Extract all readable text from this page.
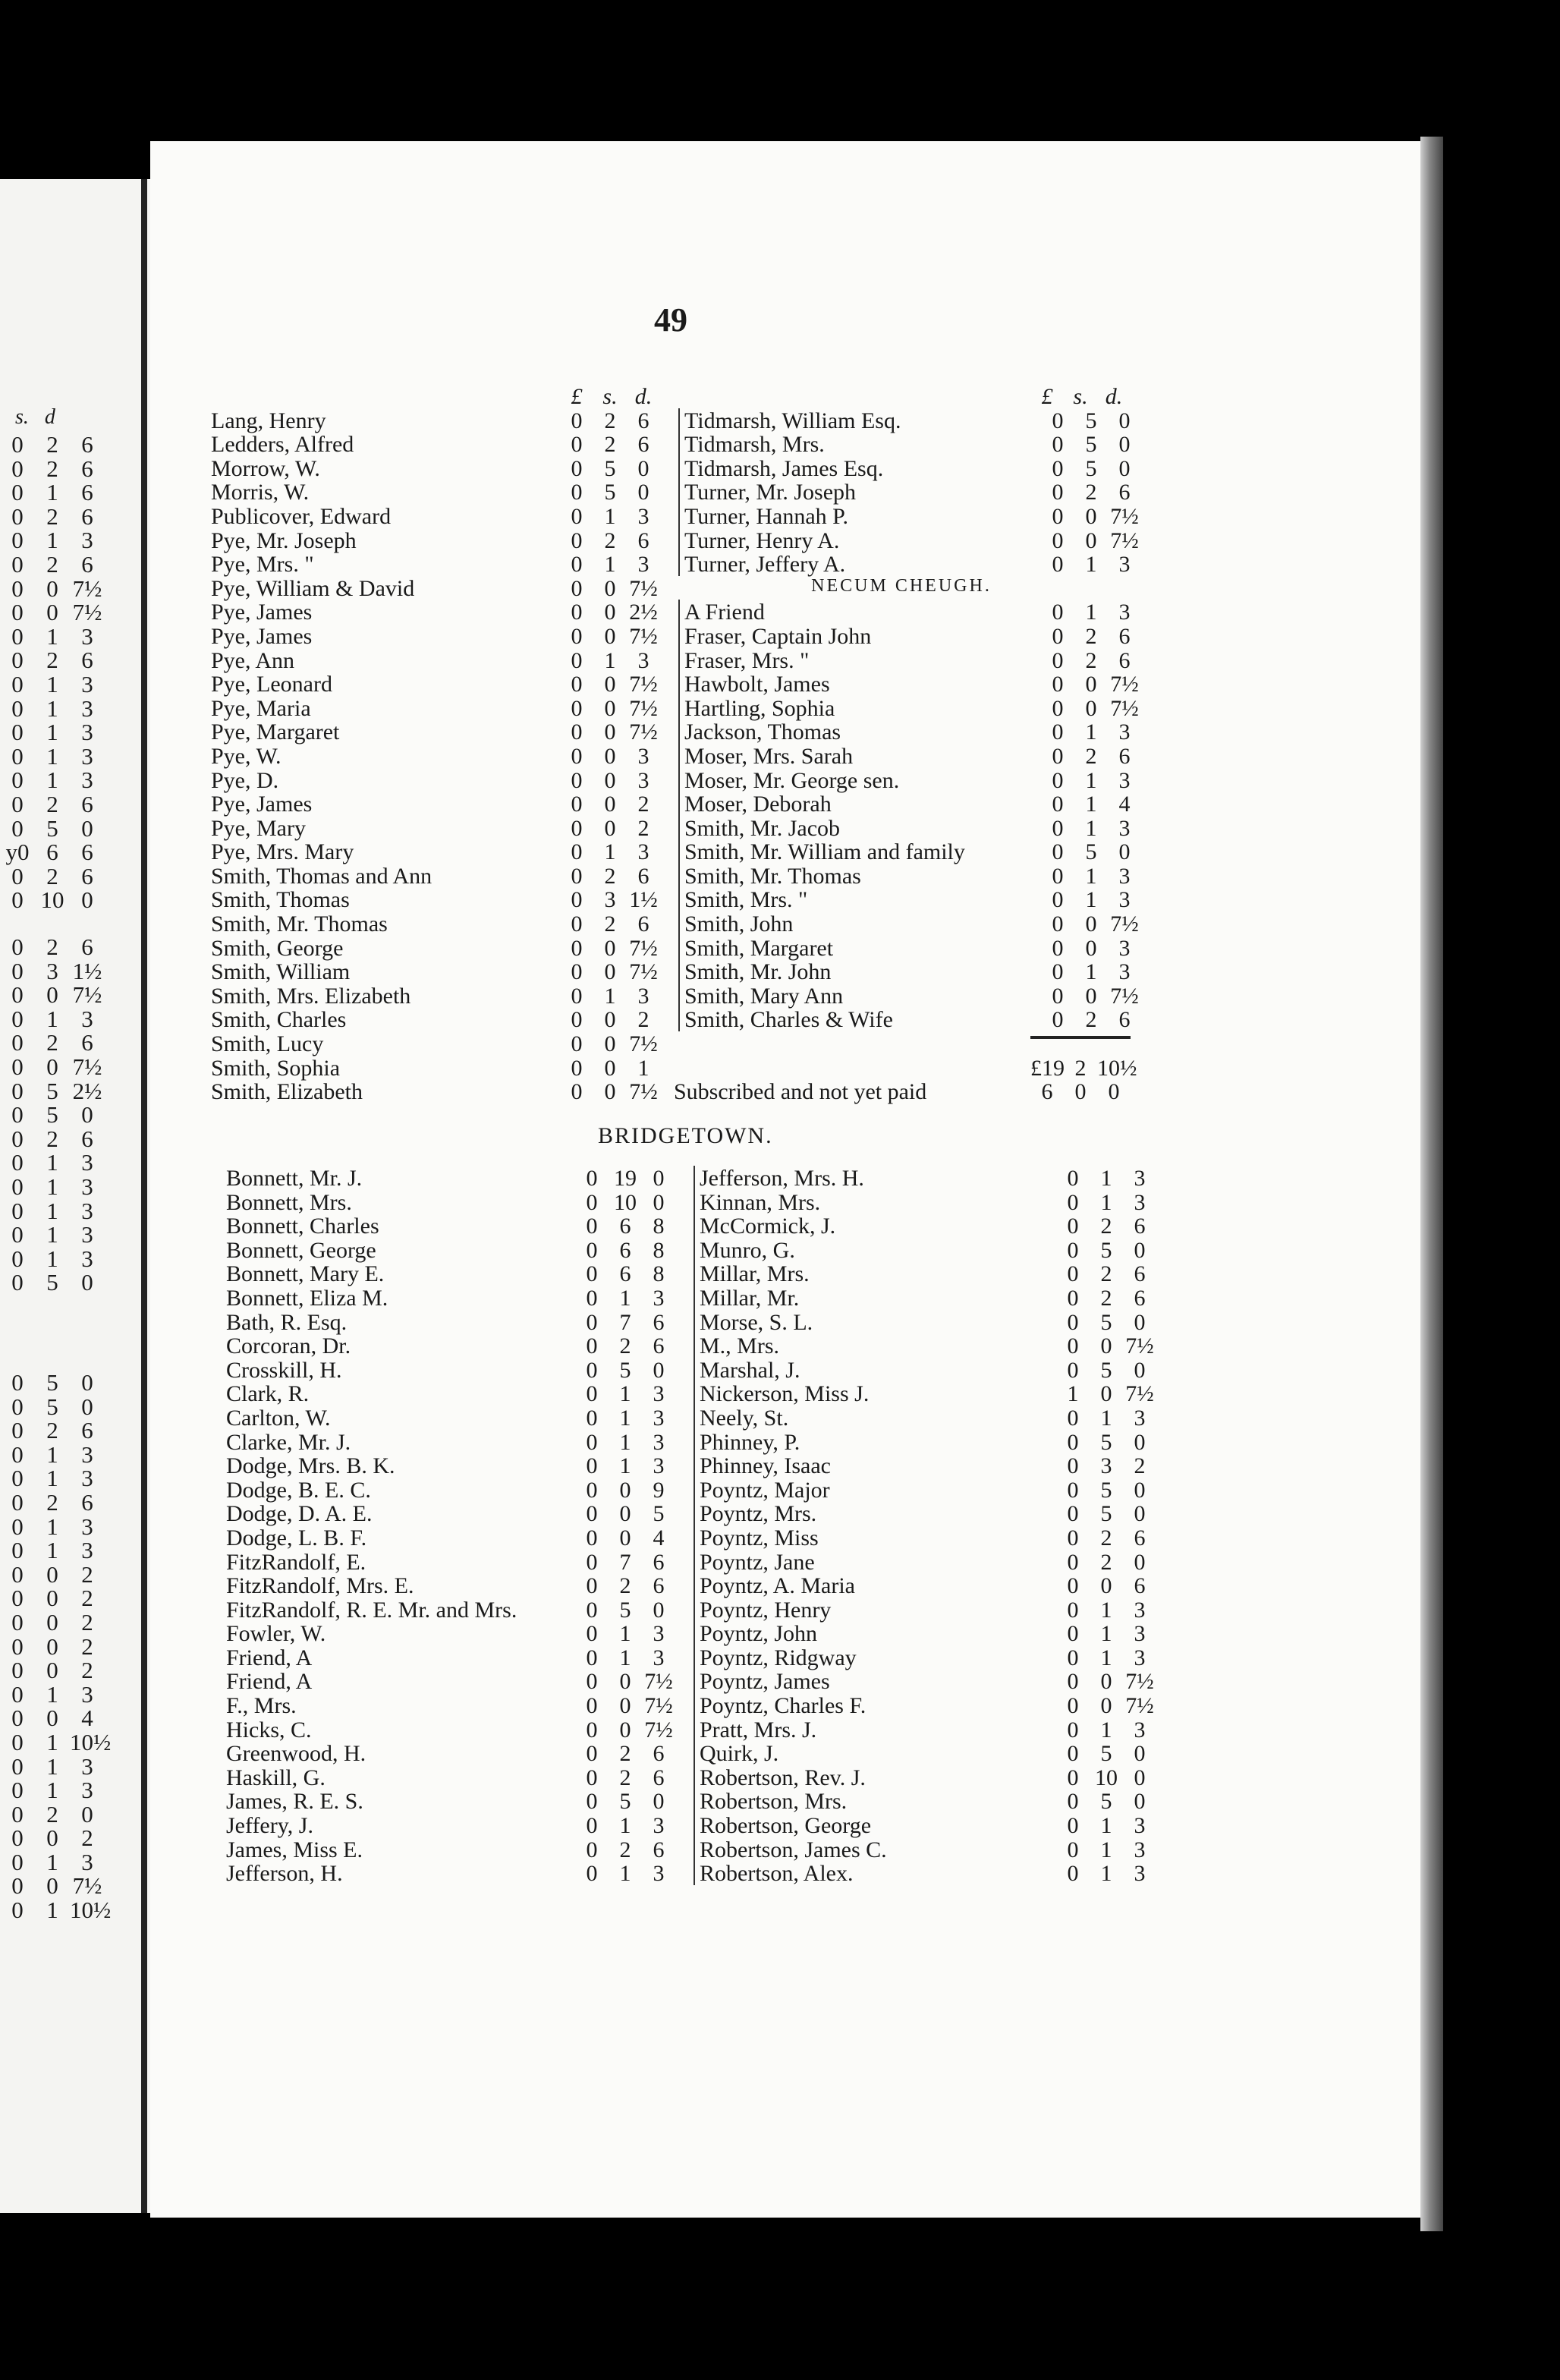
49
s. d
0 2 6
0 2 6
0 1 6
0 2 6
0 1 3
0 2 6
0 0 7½
0 0 7½
0 1 3
0 2 6
0 1 3
0 1 3
0 1 3
0 1 3
0 1 3
0 2 6
0 5 0
y0 6 6
0 2 6
0 10 0
0 2 6
0 3 1½
0 0 7½
0 1 3
0 2 6
0 0 7½
0 5 2½
0 5 0
0 2 6
0 1 3
0 1 3
0 1 3
0 1 3
0 1 3
0 5 0
0 5 0
0 5 0
0 2 6
0 1 3
0 1 3
0 2 6
0 1 3
0 1 3
0 0 2
0 0 2
0 0 2
0 0 2
0 0 2
0 1 3
0 0 4
0 1 10½
0 1 3
0 1 3
0 2 0
0 0 2
0 1 3
0 0 7½
0 1 10½
£ s. d.
Lang, Henry	0 2 6
Ledders, Alfred	0 2 6
Morrow, W.	0 5 0
Morris, W.	0 5 0
Publicover, Edward	0 1 3
Pye, Mr. Joseph	0 2 6
Pye, Mrs. "	0 1 3
Pye, William & David	0 0 7½
Pye, James	0 0 2½
Pye, James	0 0 7½
Pye, Ann	0 1 3
Pye, Leonard	0 0 7½
Pye, Maria	0 0 7½
Pye, Margaret	0 0 7½
Pye, W.	0 0 3
Pye, D.	0 0 3
Pye, James	0 0 2
Pye, Mary	0 0 2
Pye, Mrs. Mary	0 1 3
Smith, Thomas and Ann	0 2 6
Smith, Thomas	0 3 1½
Smith, Mr. Thomas	0 2 6
Smith, George	0 0 7½
Smith, William	0 0 7½
Smith, Mrs. Elizabeth	0 1 3
Smith, Charles	0 0 2
Smith, Lucy	0 0 7½
Smith, Sophia	0 0 1
Smith, Elizabeth	0 0 7½
£ s. d.
Tidmarsh, William Esq.	0 5 0
Tidmarsh, Mrs.	0 5 0
Tidmarsh, James Esq.	0 5 0
Turner, Mr. Joseph	0 2 6
Turner, Hannah P.	0 0 7½
Turner, Henry A.	0 0 7½
Turner, Jeffery A.	0 1 3
NECUM CHEUGH.
A Friend	0 1 3
Fraser, Captain John	0 2 6
Fraser, Mrs. "	0 2 6
Hawbolt, James	0 0 7½
Hartling, Sophia	0 0 7½
Jackson, Thomas	0 1 3
Moser, Mrs. Sarah	0 2 6
Moser, Mr. George sen.	0 1 3
Moser, Deborah	0 1 4
Smith, Mr. Jacob	0 1 3
Smith, Mr. William and family	0 5 0
Smith, Mr. Thomas	0 1 3
Smith, Mrs. "	0 1 3
Smith, John	0 0 7½
Smith, Margaret	0 0 3
Smith, Mr. John	0 1 3
Smith, Mary Ann	0 0 7½
Smith, Charles & Wife	0 2 6
£19 2 10½
Subscribed and not yet paid	6 0 0
BRIDGETOWN.
Bonnett, Mr. J.	0 19 0
Bonnett, Mrs.	0 10 0
Bonnett, Charles	0 6 8
Bonnett, George	0 6 8
Bonnett, Mary E.	0 6 8
Bonnett, Eliza M.	0 1 3
Bath, R. Esq.	0 7 6
Corcoran, Dr.	0 2 6
Crosskill, H.	0 5 0
Clark, R.	0 1 3
Carlton, W.	0 1 3
Clarke, Mr. J.	0 1 3
Dodge, Mrs. B. K.	0 1 3
Dodge, B. E. C.	0 0 9
Dodge, D. A. E.	0 0 5
Dodge, L. B. F.	0 0 4
FitzRandolf, E.	0 7 6
FitzRandolf, Mrs. E.	0 2 6
FitzRandolf, R. E. Mr. and Mrs.	0 5 0
Fowler, W.	0 1 3
Friend, A	0 1 3
Friend, A	0 0 7½
F., Mrs.	0 0 7½
Hicks, C.	0 0 7½
Greenwood, H.	0 2 6
Haskill, G.	0 2 6
James, R. E. S.	0 5 0
Jeffery, J.	0 1 3
James, Miss E.	0 2 6
Jefferson, H.	0 1 3
Jefferson, Mrs. H.	0 1 3
Kinnan, Mrs.	0 1 3
McCormick, J.	0 2 6
Munro, G.	0 5 0
Millar, Mrs.	0 2 6
Millar, Mr.	0 2 6
Morse, S. L.	0 5 0
M., Mrs.	0 0 7½
Marshal, J.	0 5 0
Nickerson, Miss J.	1 0 7½
Neely, St.	0 1 3
Phinney, P.	0 5 0
Phinney, Isaac	0 3 2
Poyntz, Major	0 5 0
Poyntz, Mrs.	0 5 0
Poyntz, Miss	0 2 6
Poyntz, Jane	0 2 0
Poyntz, A. Maria	0 0 6
Poyntz, Henry	0 1 3
Poyntz, John	0 1 3
Poyntz, Ridgway	0 1 3
Poyntz, James	0 0 7½
Poyntz, Charles F.	0 0 7½
Pratt, Mrs. J.	0 1 3
Quirk, J.	0 5 0
Robertson, Rev. J.	0 10 0
Robertson, Mrs.	0 5 0
Robertson, George	0 1 3
Robertson, James C.	0 1 3
Robertson, Alex.	0 1 3
